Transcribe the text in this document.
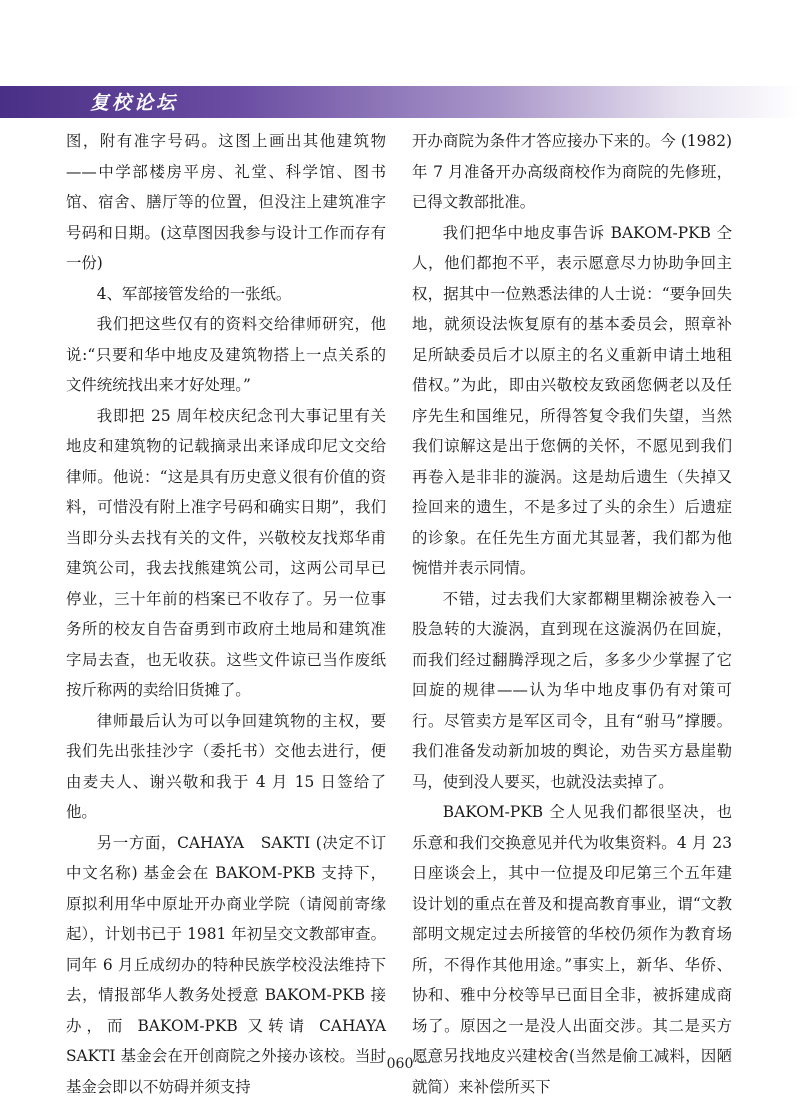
复校论坛

图，附有准字号码。这图上画出其他建筑物——中学部楼房平房、礼堂、科学馆、图书馆、宿舍、膳厅等的位置，但没注上建筑准字号码和日期。(这草图因我参与设计工作而存有一份)

4、军部接管发给的一张纸。

我们把这些仅有的资料交给律师研究，他说:“只要和华中地皮及建筑物搭上一点关系的文件统统找出来才好处理。”

我即把 25 周年校庆纪念刊大事记里有关地皮和建筑物的记载摘录出来译成印尼文交给律师。他说：“这是具有历史意义很有价值的资料，可惜没有附上准字号码和确实日期”，我们当即分头去找有关的文件，兴敬校友找郑华甫建筑公司，我去找熊建筑公司，这两公司早已停业，三十年前的档案已不收存了。另一位事务所的校友自告奋勇到市政府土地局和建筑准字局去查，也无收获。这些文件谅已当作废纸按斤称两的卖给旧货摊了。

律师最后认为可以争回建筑物的主权，要我们先出张挂沙字（委托书）交他去进行，便由麦夫人、谢兴敬和我于 4 月 15 日签给了他。

另一方面，CAHAYA　SAKTI (决定不订中文名称) 基金会在 BAKOM-PKB 支持下，原拟利用华中原址开办商业学院（请阅前寄缘起），计划书已于 1981 年初呈交文教部审查。同年 6 月丘成纫办的特种民族学校没法维持下去，情报部华人教务处授意 BAKOM-PKB 接办，而 BAKOM-PKB 又转请 CAHAYA　SAKTI 基金会在开创商院之外接办该校。当时基金会即以不妨碍并须支持

开办商院为条件才答应接办下来的。今 (1982) 年 7 月准备开办高级商校作为商院的先修班，已得文教部批准。

我们把华中地皮事告诉 BAKOM-PKB 仝人，他们都抱不平，表示愿意尽力协助争回主权，据其中一位熟悉法律的人士说：“要争回失地，就须设法恢复原有的基本委员会，照章补足所缺委员后才以原主的名义重新申请土地租借权。”为此，即由兴敬校友致函您俩老以及任序先生和国维兄，所得答复令我们失望，当然我们谅解这是出于您俩的关怀，不愿见到我们再卷入是非非的漩涡。这是劫后遗生（失掉又捡回来的遗生，不是多过了头的余生）后遗症的诊象。在任先生方面尤其显著，我们都为他惋惜并表示同情。

不错，过去我们大家都糊里糊涂被卷入一股急转的大漩涡，直到现在这漩涡仍在回旋，而我们经过翻腾浮现之后，多多少少掌握了它回旋的规律——认为华中地皮事仍有对策可行。尽管卖方是军区司令，且有“驸马”撑腰。我们准备发动新加坡的舆论，劝告买方悬崖勒马，使到没人要买，也就没法卖掉了。

BAKOM-PKB 仝人见我们都很坚决，也乐意和我们交换意见并代为收集资料。4 月 23 日座谈会上，其中一位提及印尼第三个五年建设计划的重点在普及和提高教育事业，谓“文教部明文规定过去所接管的华校仍须作为教育场所，不得作其他用途。”事实上，新华、华侨、协和、雅中分校等早已面目全非，被拆建成商场了。原因之一是没人出面交涉。其二是买方愿意另找地皮兴建校舍(当然是偷工减料，因陋就简）来补偿所买下

－ 060 －
